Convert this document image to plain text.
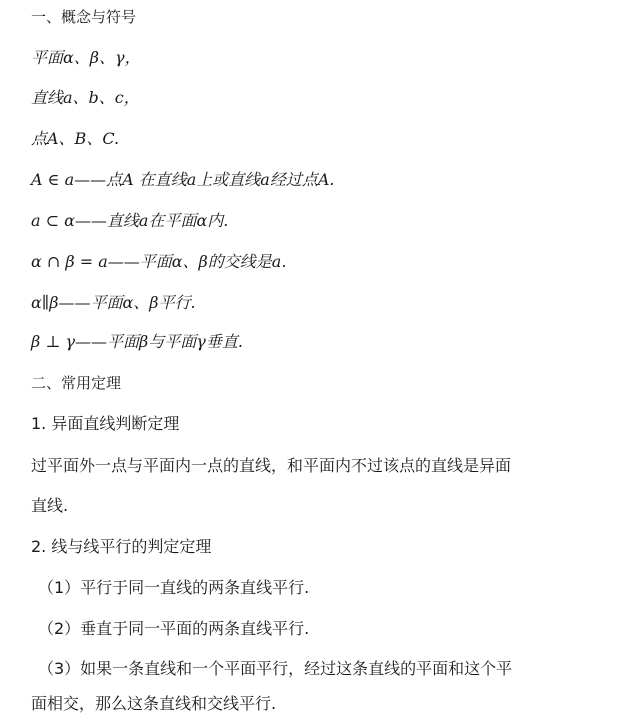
一、概念与符号
平面α、β、γ，
直线a、b、c，
点A、B、C.
A ∈ a——点A 在直线a上或直线a经过点A.
a ⊂ α——直线a在平面α内.
α ∩ β = a——平面α、β的交线是a.
α∥β——平面α、β平行.
β ⊥ γ——平面β与平面γ垂直.
二、常用定理
1. 异面直线判断定理
过平面外一点与平面内一点的直线，和平面内不过该点的直线是异面
直线.
2. 线与线平行的判定定理
（1）平行于同一直线的两条直线平行.
（2）垂直于同一平面的两条直线平行.
（3）如果一条直线和一个平面平行，经过这条直线的平面和这个平
面相交，那么这条直线和交线平行.
